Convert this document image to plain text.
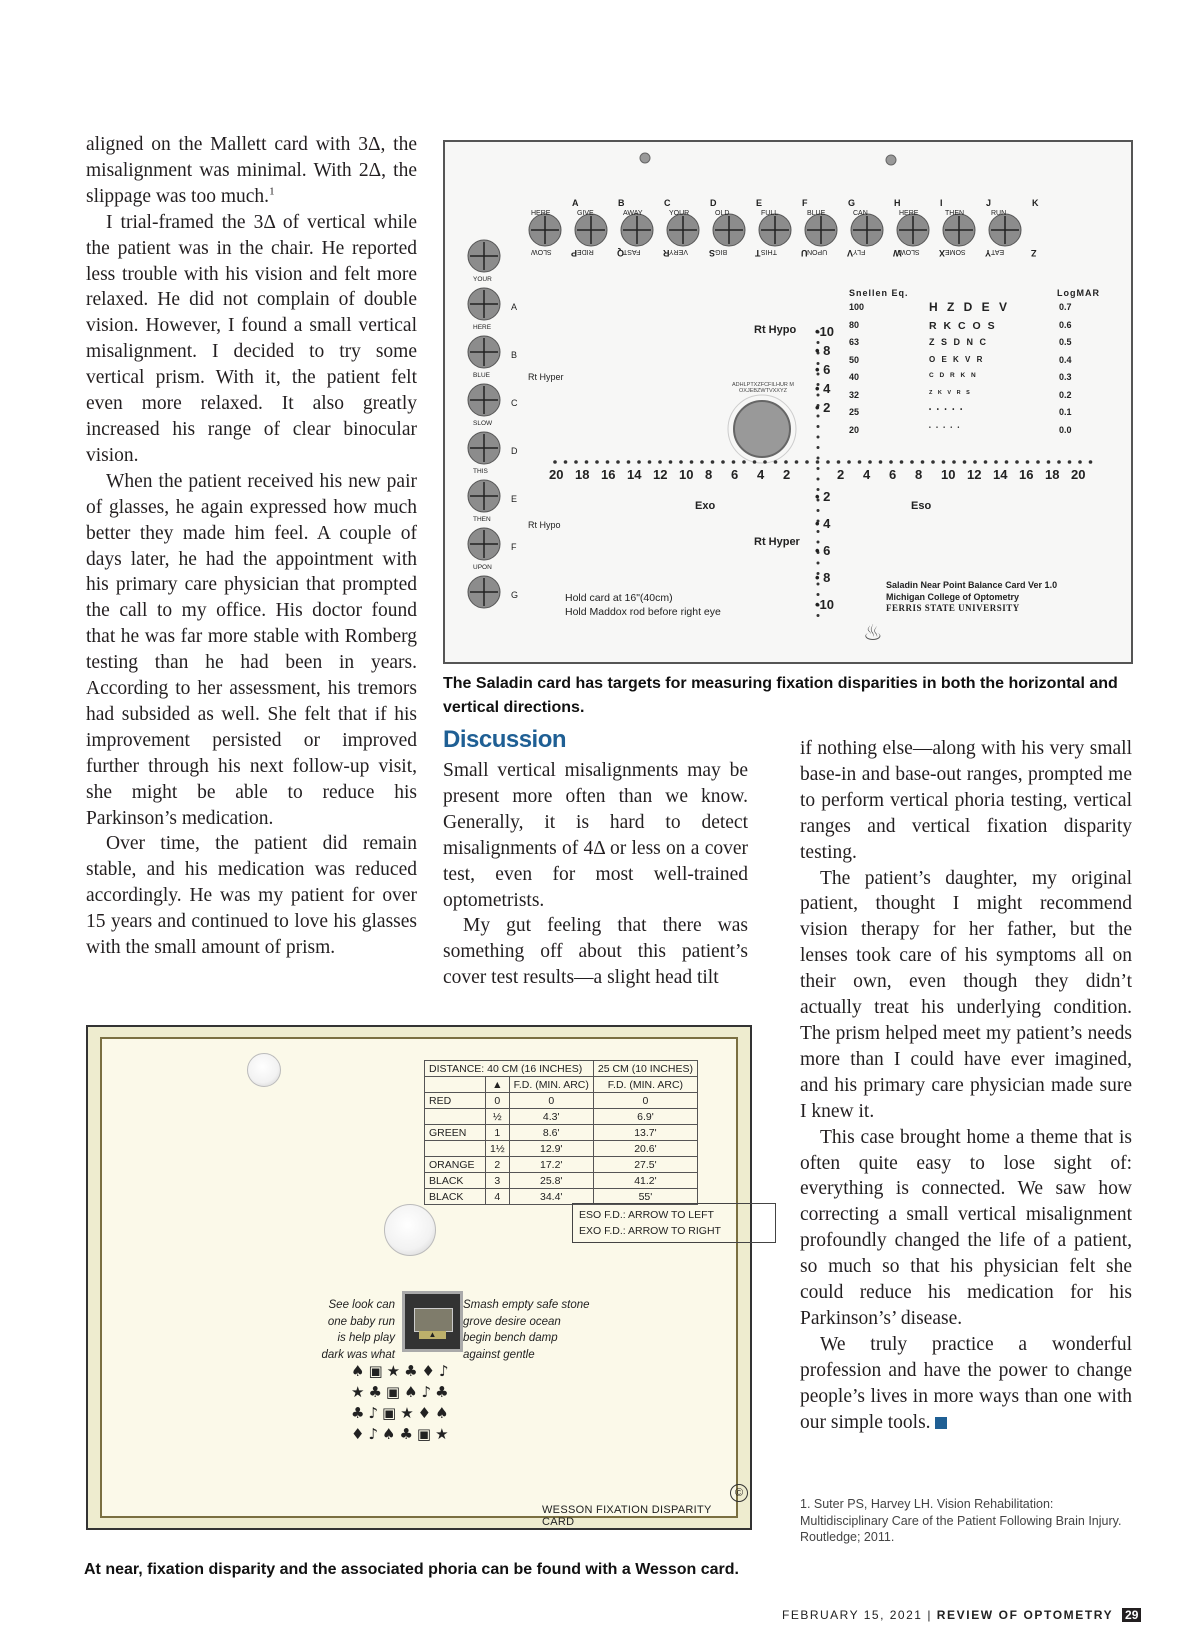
aligned on the Mallett card with 3Δ, the misalignment was minimal. With 2Δ, the slippage was too much.$^1$

I trial-framed the 3Δ of vertical while the patient was in the chair. He reported less trouble with his vision and felt more relaxed. He did not complain of double vision. However, I found a small vertical misalignment. I decided to try some vertical prism. With it, the patient felt even more relaxed. It also greatly increased his range of clear binocular vision.

When the patient received his new pair of glasses, he again expressed how much better they made him feel. A couple of days later, he had the appointment with his primary care physician that prompted the call to my office. His doctor found that he was far more stable with Romberg testing than he had been in years. According to her assessment, his tremors had subsided as well. She felt that if his improvement persisted or improved further through his next follow-up visit, she might be able to reduce his Parkinson’s medication.

Over time, the patient did remain stable, and his medication was reduced accordingly. He was my patient for over 15 years and continued to love his glasses with the small amount of prism.

♨
A
HERE
B
GIVE
C
AWAY
D
YOUR
E
OLD
F
FULL
G
BLUE
H
CAN
I
HERE
J
THEN
K
RUN
P
SLOW	Q
RIDE	R
FAST	S
VERY	T
BIG	U
THIS	V
UPON	W
FLY	X
SLOW	Y
SOME	Z
EAT
A
YOUR
B
HERE
C
BLUE
D
SLOW
E
THIS
F
THEN
G
UPON
Snellen Eq.	LogMAR
100	H Z D E V	0.7
80	R K C O S	0.6
63	Z S D N C	0.5
50	O E K V R	0.4
40	C D R K N	0.3
32	Z K V R S	0.2
25	• • • • •	0.1
20	• • • • •	0.0
Rt Hypo
Rt Hyper
Rt Hypo
Rt Hyper
•10
• 8
• 6
• 4
• 2
• 2
• 4
• 6
• 8
•10
20 18 16 14 12 10 8 6 4 2	2 4 6 8 10 12 14 16 18 20
Exo	Eso
Hold card at 16"(40cm)
Hold Maddox rod before right eye
Saladin Near Point Balance Card Ver 1.0
Michigan College of Optometry
FERRIS STATE UNIVERSITY
ADHLPTXZFCFILHUR MOXJEBZWTVXXYZ
The Saladin card has targets for measuring fixation disparities in both the horizontal and vertical directions.
Discussion

Small vertical misalignments may be present more often than we know. Generally, it is hard to detect misalignments of 4Δ or less on a cover test, even for most well-trained optometrists.

My gut feeling that there was something off about this patient’s cover test results—a slight head tilt

if nothing else—along with his very small base-in and base-out ranges, prompted me to perform vertical phoria testing, vertical ranges and vertical fixation disparity testing.

The patient’s daughter, my original patient, thought I might recommend vision therapy for her father, but the lenses took care of his symptoms all on their own, even though they didn’t actually treat his underlying condition. The prism helped meet my patient’s needs more than I could have ever imagined, and his primary care physician made sure I knew it.

This case brought home a theme that is often quite easy to lose sight of: everything is connected. We saw how correcting a small vertical misalignment profoundly changed the life of a patient, so much so that his physician felt she could reduce his medication for his Parkinson’s’ disease.

We truly practice a wonderful profession and have the power to change people’s lives in more ways than one with our simple tools.

1. Suter PS, Harvey LH. Vision Rehabilitation: Multidisciplinary Care of the Patient Following Brain Injury. Routledge; 2011.
DISTANCE: 40 CM (16 INCHES)			25 CM (10 INCHES)
	▲	F.D. (MIN. ARC)	F.D. (MIN. ARC)
RED	0	0	0
	½	4.3'	6.9'
GREEN	1	8.6'	13.7'
	1½	12.9'	20.6'
ORANGE	2	17.2'	27.5'
BLACK	3	25.8'	41.2'
BLACK	4	34.4'	55'
ESO F.D.: ARROW TO LEFT
EXO F.D.: ARROW TO RIGHT
See look can
one baby run
is help play
dark was what
▲
Smash empty safe stone
grove desire ocean
begin bench damp
against gentle
♠▣★♣♦♪
★♣▣♠♪♣
♣♪▣★♦♠
♦♪♠♣▣★
©
WESSON FIXATION DISPARITY CARD
At near, fixation disparity and the associated phoria can be found with a Wesson card.
FEBRUARY 15, 2021 | REVIEW OF OPTOMETRY 29
